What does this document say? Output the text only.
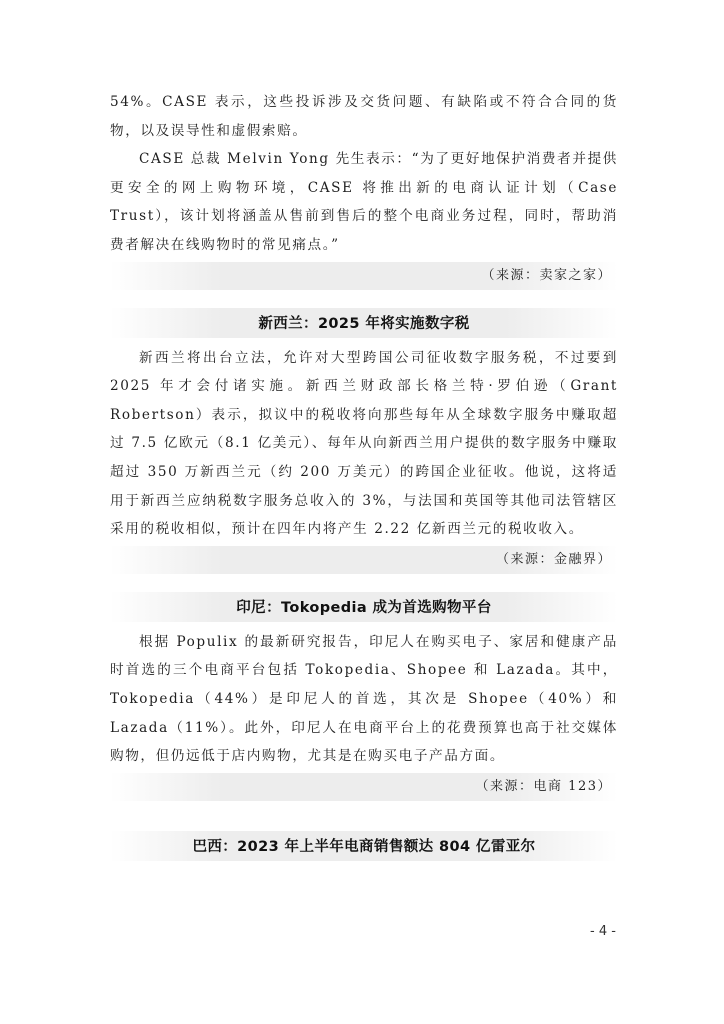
54%。CASE 表示，这些投诉涉及交货问题、有缺陷或不符合合同的货物，以及误导性和虚假索赔。

CASE 总裁 Melvin Yong 先生表示：“为了更好地保护消费者并提供更安全的网上购物环境，CASE 将推出新的电商认证计划（Case Trust），该计划将涵盖从售前到售后的整个电商业务过程，同时，帮助消费者解决在线购物时的常见痛点。”

（来源：卖家之家）

新西兰：2025 年将实施数字税

新西兰将出台立法，允许对大型跨国公司征收数字服务税，不过要到 2025 年才会付诸实施。新西兰财政部长格兰特·罗伯逊（Grant Robertson）表示，拟议中的税收将向那些每年从全球数字服务中赚取超过 7.5 亿欧元（8.1 亿美元）、每年从向新西兰用户提供的数字服务中赚取超过 350 万新西兰元（约 200 万美元）的跨国企业征收。他说，这将适用于新西兰应纳税数字服务总收入的 3%，与法国和英国等其他司法管辖区采用的税收相似，预计在四年内将产生 2.22 亿新西兰元的税收收入。

（来源：金融界）

印尼：Tokopedia 成为首选购物平台

根据 Populix 的最新研究报告，印尼人在购买电子、家居和健康产品时首选的三个电商平台包括 Tokopedia、Shopee 和 Lazada。其中，Tokopedia（44%）是印尼人的首选，其次是 Shopee（40%）和 Lazada（11%）。此外，印尼人在电商平台上的花费预算也高于社交媒体购物，但仍远低于店内购物，尤其是在购买电子产品方面。

（来源：电商 123）

巴西：2023 年上半年电商销售额达 804 亿雷亚尔
- 4 -
